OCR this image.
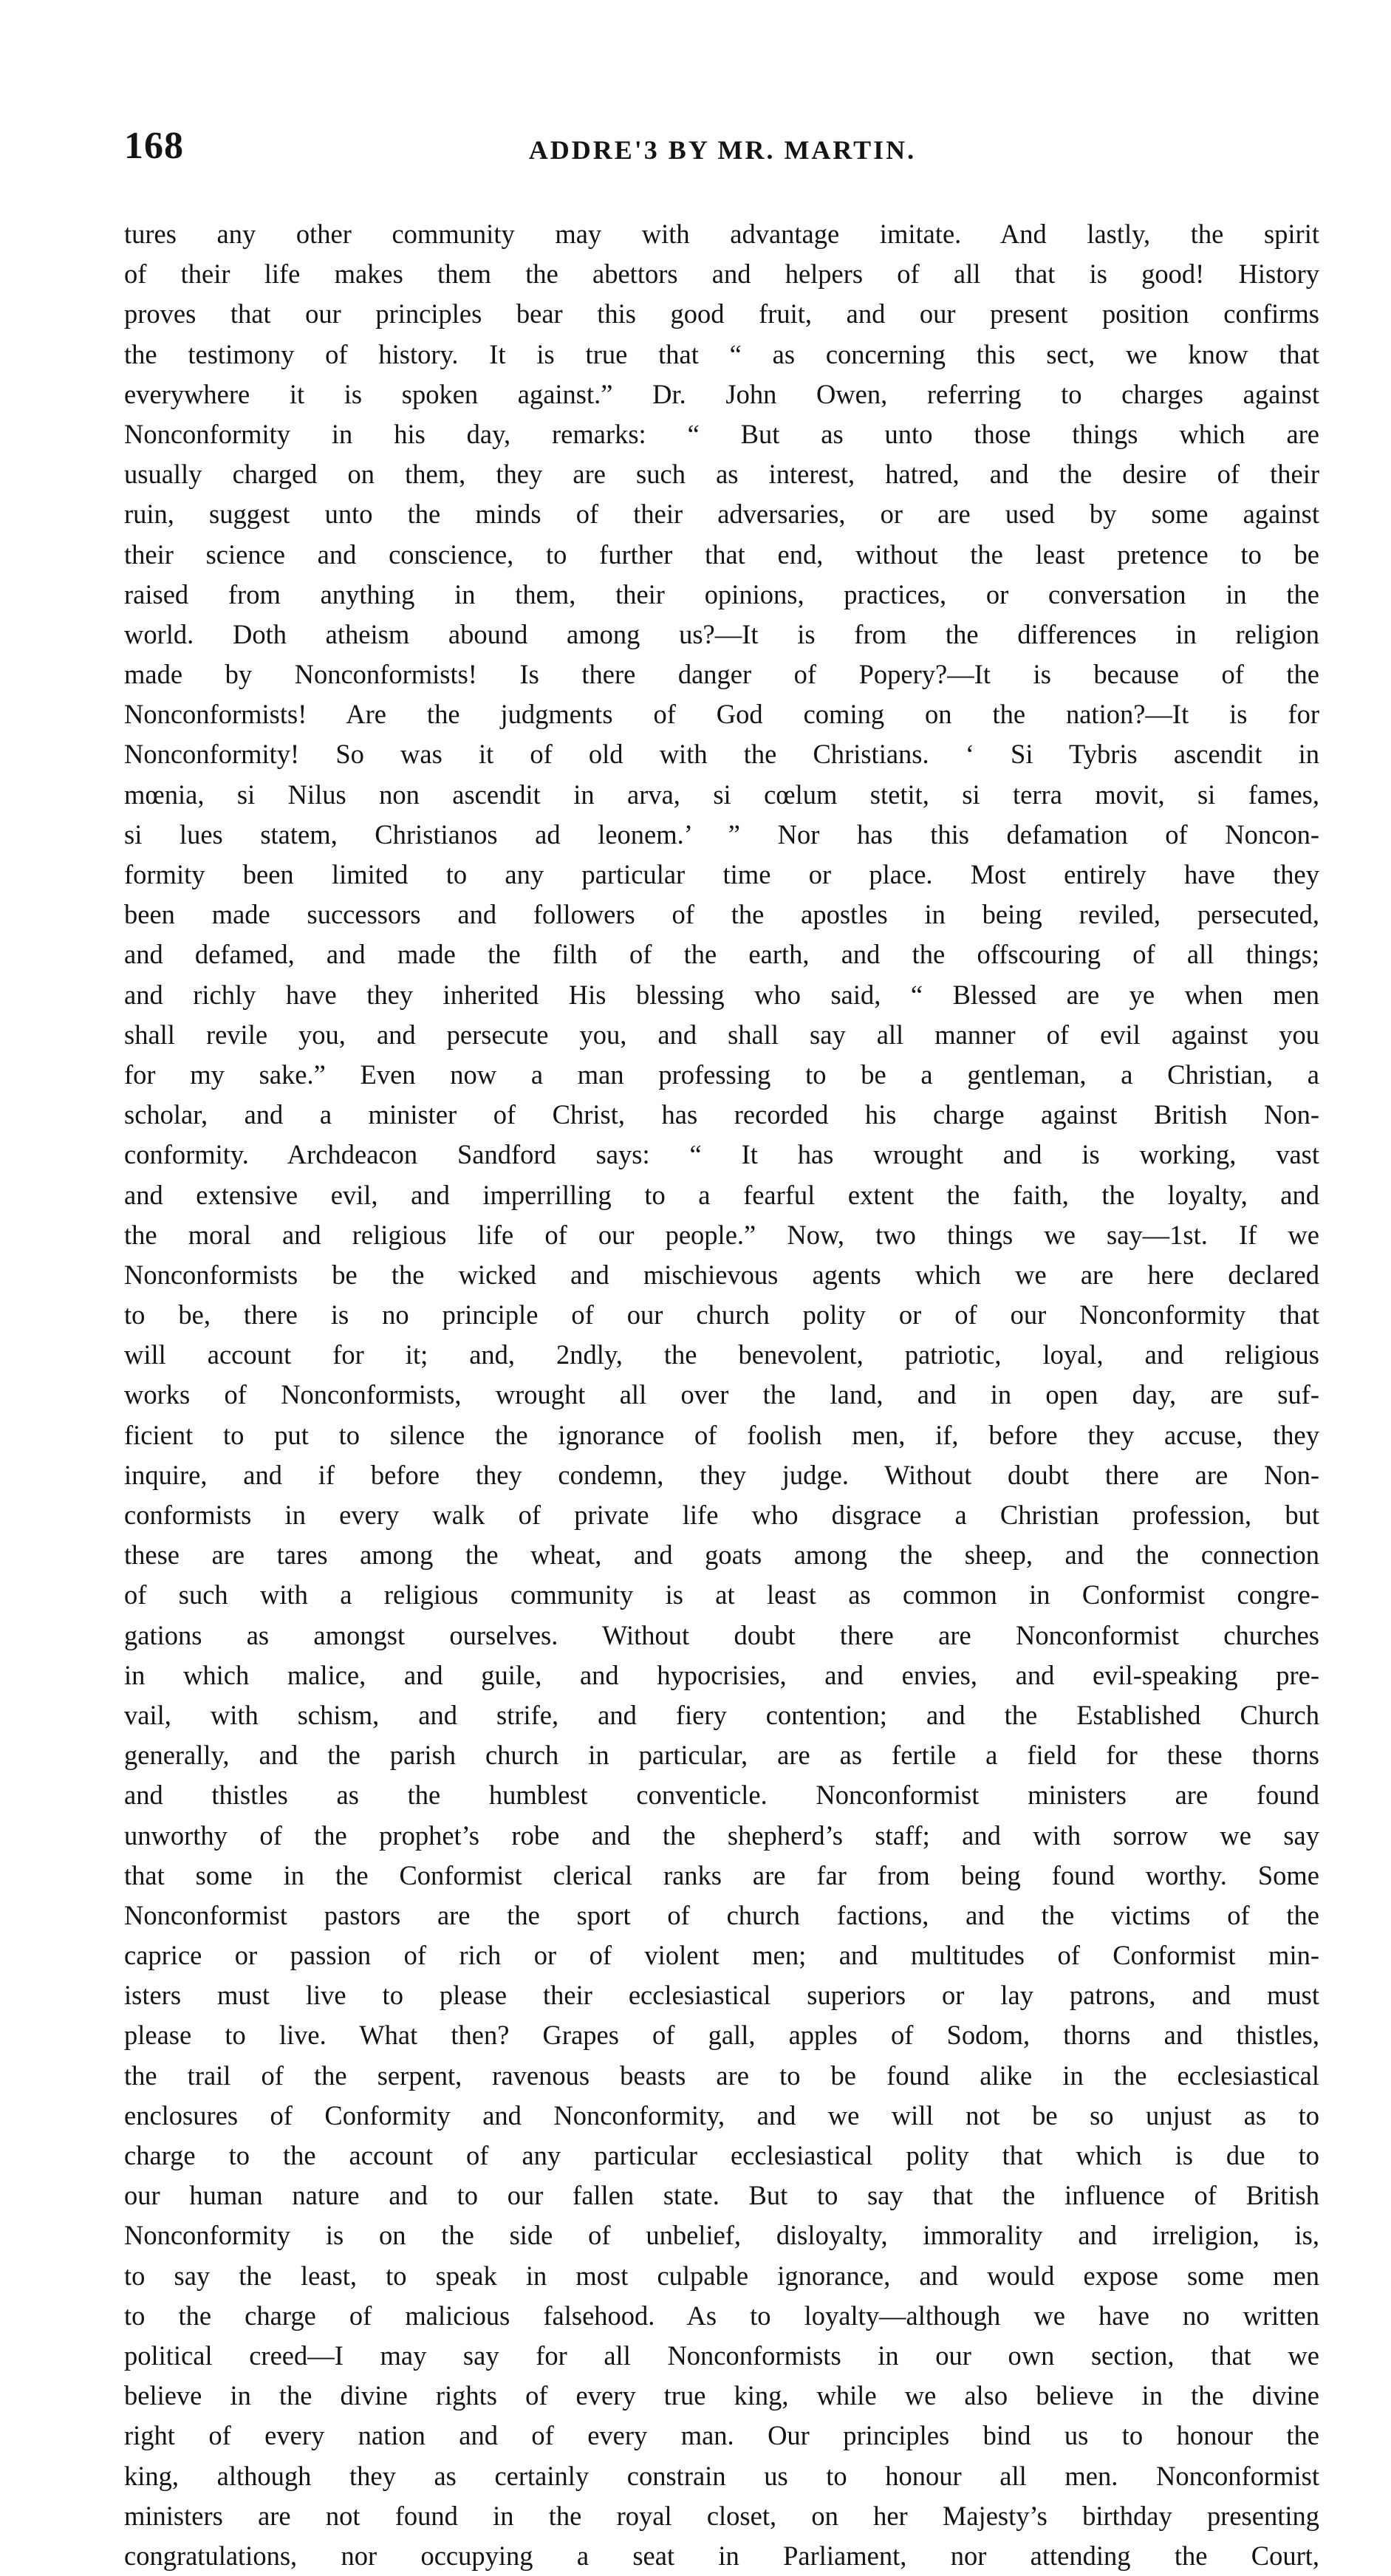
168	ADDRE'3 BY MR. MARTIN.
tures any other community may with advantage imitate. And lastly, the spirit
of their life makes them the abettors and helpers of all that is good! History
proves that our principles bear this good fruit, and our present position confirms
the testimony of history. It is true that “ as concerning this sect, we know that
everywhere it is spoken against.” Dr. John Owen, referring to charges against
Nonconformity in his day, remarks: “ But as unto those things which are
usually charged on them, they are such as interest, hatred, and the desire of their
ruin, suggest unto the minds of their adversaries, or are used by some against
their science and conscience, to further that end, without the least pretence to be
raised from anything in them, their opinions, practices, or conversation in the
world. Doth atheism abound among us?—It is from the differences in religion
made by Nonconformists! Is there danger of Popery?—It is because of the
Nonconformists! Are the judgments of God coming on the nation?—It is for
Nonconformity! So was it of old with the Christians. ‘ Si Tybris ascendit in
mœnia, si Nilus non ascendit in arva, si cœlum stetit, si terra movit, si fames,
si lues statem, Christianos ad leonem.’ ” Nor has this defamation of Noncon-
formity been limited to any particular time or place. Most entirely have they
been made successors and followers of the apostles in being reviled, persecuted,
and defamed, and made the filth of the earth, and the offscouring of all things;
and richly have they inherited His blessing who said, “ Blessed are ye when men
shall revile you, and persecute you, and shall say all manner of evil against you
for my sake.” Even now a man professing to be a gentleman, a Christian, a
scholar, and a minister of Christ, has recorded his charge against British Non-
conformity. Archdeacon Sandford says: “ It has wrought and is working, vast
and extensive evil, and imperrilling to a fearful extent the faith, the loyalty, and
the moral and religious life of our people.” Now, two things we say—1st. If we
Nonconformists be the wicked and mischievous agents which we are here declared
to be, there is no principle of our church polity or of our Nonconformity that
will account for it; and, 2ndly, the benevolent, patriotic, loyal, and religious
works of Nonconformists, wrought all over the land, and in open day, are suf-
ficient to put to silence the ignorance of foolish men, if, before they accuse, they
inquire, and if before they condemn, they judge. Without doubt there are Non-
conformists in every walk of private life who disgrace a Christian profession, but
these are tares among the wheat, and goats among the sheep, and the connection
of such with a religious community is at least as common in Conformist congre-
gations as amongst ourselves. Without doubt there are Nonconformist churches
in which malice, and guile, and hypocrisies, and envies, and evil-speaking pre-
vail, with schism, and strife, and fiery contention; and the Established Church
generally, and the parish church in particular, are as fertile a field for these thorns
and thistles as the humblest conventicle. Nonconformist ministers are found
unworthy of the prophet’s robe and the shepherd’s staff; and with sorrow we say
that some in the Conformist clerical ranks are far from being found worthy. Some
Nonconformist pastors are the sport of church factions, and the victims of the
caprice or passion of rich or of violent men; and multitudes of Conformist min-
isters must live to please their ecclesiastical superiors or lay patrons, and must
please to live. What then? Grapes of gall, apples of Sodom, thorns and thistles,
the trail of the serpent, ravenous beasts are to be found alike in the ecclesiastical
enclosures of Conformity and Nonconformity, and we will not be so unjust as to
charge to the account of any particular ecclesiastical polity that which is due to
our human nature and to our fallen state. But to say that the influence of British
Nonconformity is on the side of unbelief, disloyalty, immorality and irreligion, is,
to say the least, to speak in most culpable ignorance, and would expose some men
to the charge of malicious falsehood. As to loyalty—although we have no written
political creed—I may say for all Nonconformists in our own section, that we
believe in the divine rights of every true king, while we also believe in the divine
right of every nation and of every man. Our principles bind us to honour the
king, although they as certainly constrain us to honour all men. Nonconformist
ministers are not found in the royal closet, on her Majesty’s birthday presenting
congratulations, nor occupying a seat in Parliament, nor attending the Court,
